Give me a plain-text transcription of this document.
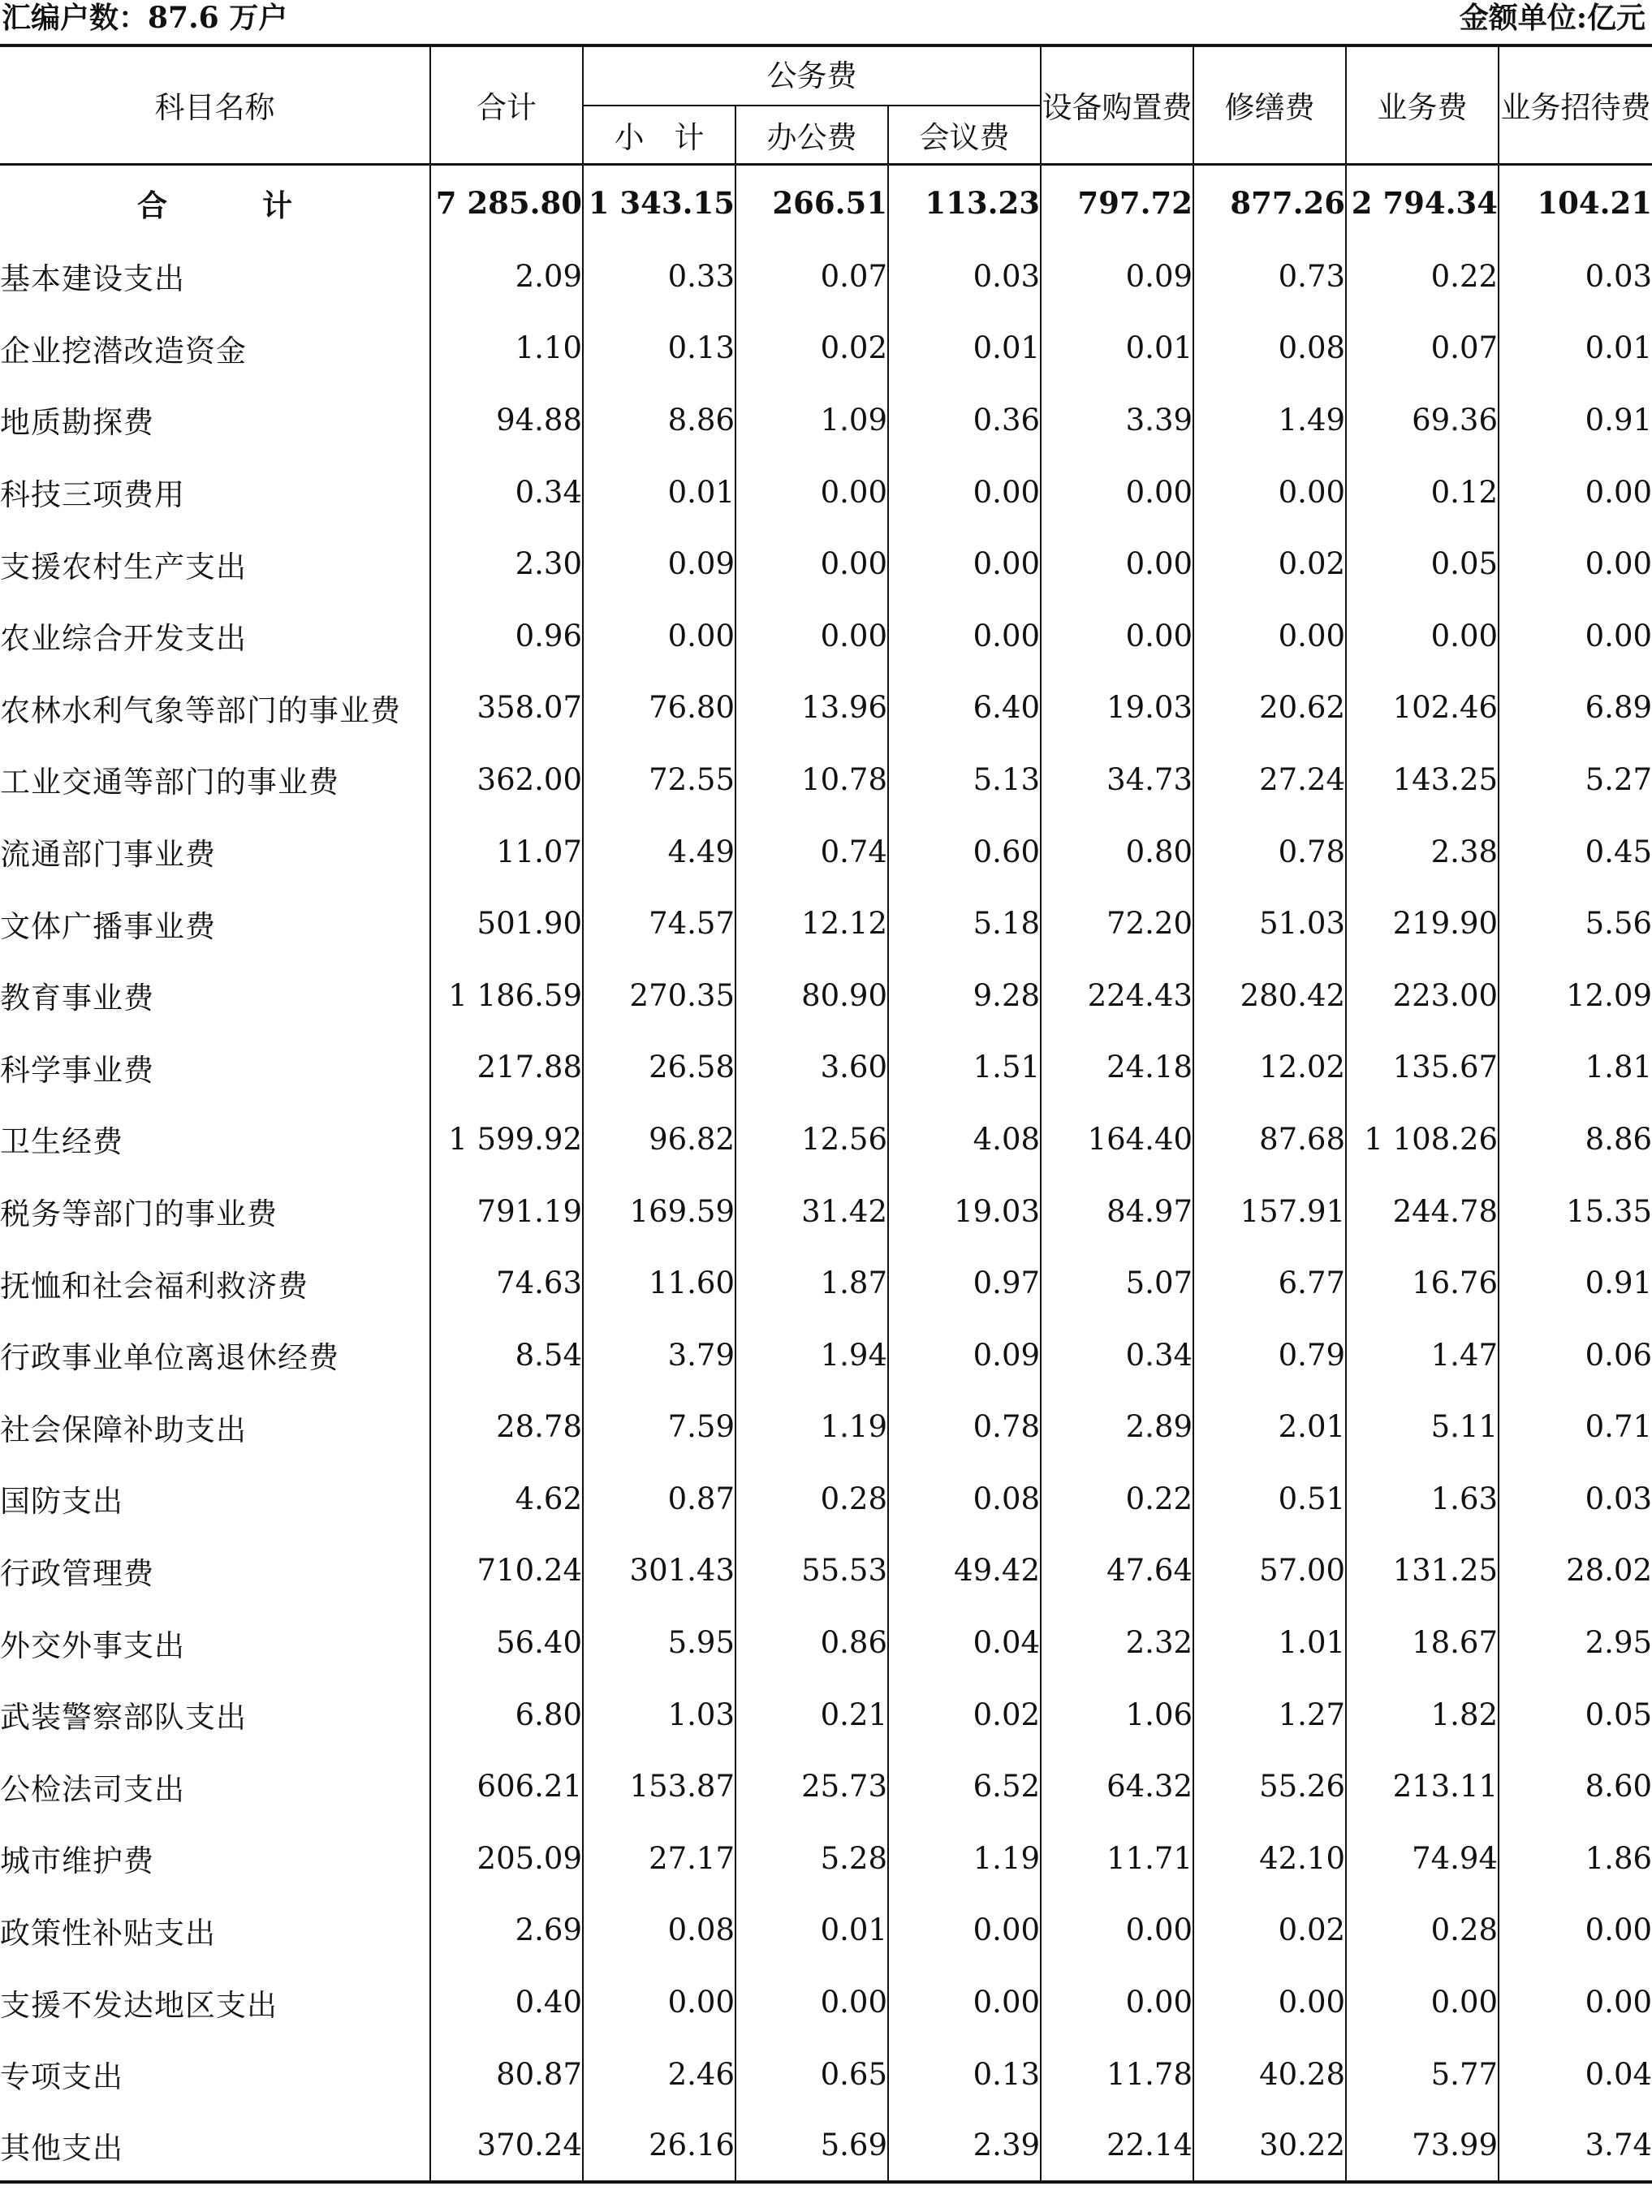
汇编户数：87.6 万户	金额单位:亿元
科目名称	合计	公务费			设备购置费	修缮费	业务费	业务招待费
		小　计	办公费	会议费				
合　计	7 285.80	1 343.15	266.51	113.23	797.72	877.26	2 794.34	104.21
基本建设支出	2.09	0.33	0.07	0.03	0.09	0.73	0.22	0.03
企业挖潜改造资金	1.10	0.13	0.02	0.01	0.01	0.08	0.07	0.01
地质勘探费	94.88	8.86	1.09	0.36	3.39	1.49	69.36	0.91
科技三项费用	0.34	0.01	0.00	0.00	0.00	0.00	0.12	0.00
支援农村生产支出	2.30	0.09	0.00	0.00	0.00	0.02	0.05	0.00
农业综合开发支出	0.96	0.00	0.00	0.00	0.00	0.00	0.00	0.00
农林水利气象等部门的事业费	358.07	76.80	13.96	6.40	19.03	20.62	102.46	6.89
工业交通等部门的事业费	362.00	72.55	10.78	5.13	34.73	27.24	143.25	5.27
流通部门事业费	11.07	4.49	0.74	0.60	0.80	0.78	2.38	0.45
文体广播事业费	501.90	74.57	12.12	5.18	72.20	51.03	219.90	5.56
教育事业费	1 186.59	270.35	80.90	9.28	224.43	280.42	223.00	12.09
科学事业费	217.88	26.58	3.60	1.51	24.18	12.02	135.67	1.81
卫生经费	1 599.92	96.82	12.56	4.08	164.40	87.68	1 108.26	8.86
税务等部门的事业费	791.19	169.59	31.42	19.03	84.97	157.91	244.78	15.35
抚恤和社会福利救济费	74.63	11.60	1.87	0.97	5.07	6.77	16.76	0.91
行政事业单位离退休经费	8.54	3.79	1.94	0.09	0.34	0.79	1.47	0.06
社会保障补助支出	28.78	7.59	1.19	0.78	2.89	2.01	5.11	0.71
国防支出	4.62	0.87	0.28	0.08	0.22	0.51	1.63	0.03
行政管理费	710.24	301.43	55.53	49.42	47.64	57.00	131.25	28.02
外交外事支出	56.40	5.95	0.86	0.04	2.32	1.01	18.67	2.95
武装警察部队支出	6.80	1.03	0.21	0.02	1.06	1.27	1.82	0.05
公检法司支出	606.21	153.87	25.73	6.52	64.32	55.26	213.11	8.60
城市维护费	205.09	27.17	5.28	1.19	11.71	42.10	74.94	1.86
政策性补贴支出	2.69	0.08	0.01	0.00	0.00	0.02	0.28	0.00
支援不发达地区支出	0.40	0.00	0.00	0.00	0.00	0.00	0.00	0.00
专项支出	80.87	2.46	0.65	0.13	11.78	40.28	5.77	0.04
其他支出	370.24	26.16	5.69	2.39	22.14	30.22	73.99	3.74
